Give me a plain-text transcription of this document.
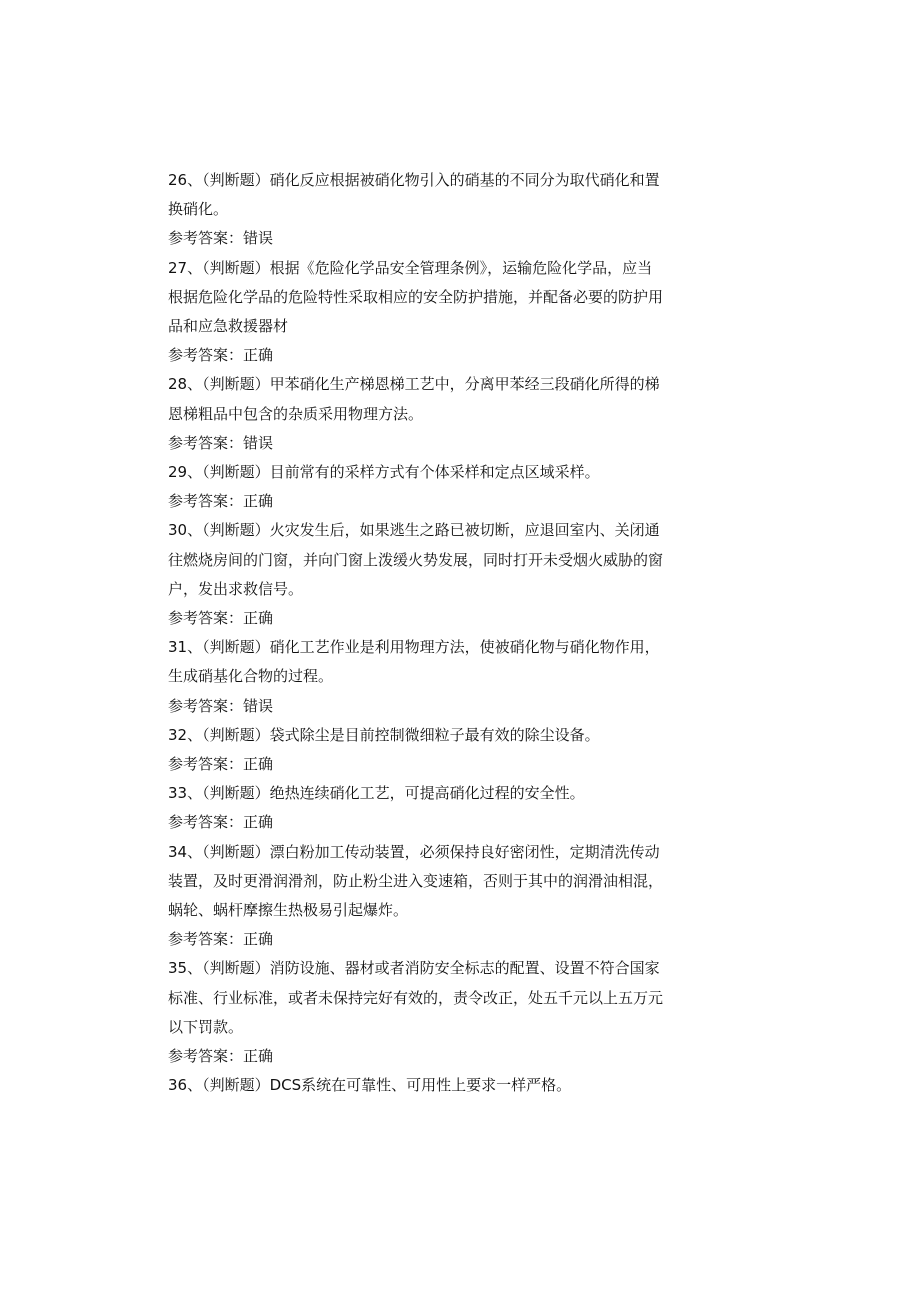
26、（判断题）硝化反应根据被硝化物引入的硝基的不同分为取代硝化和置
换硝化。

参考答案：错误

27、（判断题）根据《危险化学品安全管理条例》，运输危险化学品，应当
根据危险化学品的危险特性采取相应的安全防护措施，并配备必要的防护用
品和应急救援器材

参考答案：正确

28、（判断题）甲苯硝化生产梯恩梯工艺中，分离甲苯经三段硝化所得的梯
恩梯粗品中包含的杂质采用物理方法。

参考答案：错误

29、（判断题）目前常有的采样方式有个体采样和定点区域采样。

参考答案：正确

30、（判断题）火灾发生后，如果逃生之路已被切断，应退回室内、关闭通
往燃烧房间的门窗，并向门窗上泼缓火势发展，同时打开未受烟火威胁的窗
户，发出求救信号。

参考答案：正确

31、（判断题）硝化工艺作业是利用物理方法，使被硝化物与硝化物作用，
生成硝基化合物的过程。

参考答案：错误

32、（判断题）袋式除尘是目前控制微细粒子最有效的除尘设备。

参考答案：正确

33、（判断题）绝热连续硝化工艺，可提高硝化过程的安全性。

参考答案：正确

34、（判断题）漂白粉加工传动装置，必须保持良好密闭性，定期清洗传动
装置，及时更滑润滑剂，防止粉尘进入变速箱，否则于其中的润滑油相混，
蜗轮、蜗杆摩擦生热极易引起爆炸。

参考答案：正确

35、（判断题）消防设施、器材或者消防安全标志的配置、设置不符合国家
标准、行业标准，或者未保持完好有效的，责令改正，处五千元以上五万元
以下罚款。

参考答案：正确

36、（判断题）DCS系统在可靠性、可用性上要求一样严格。
